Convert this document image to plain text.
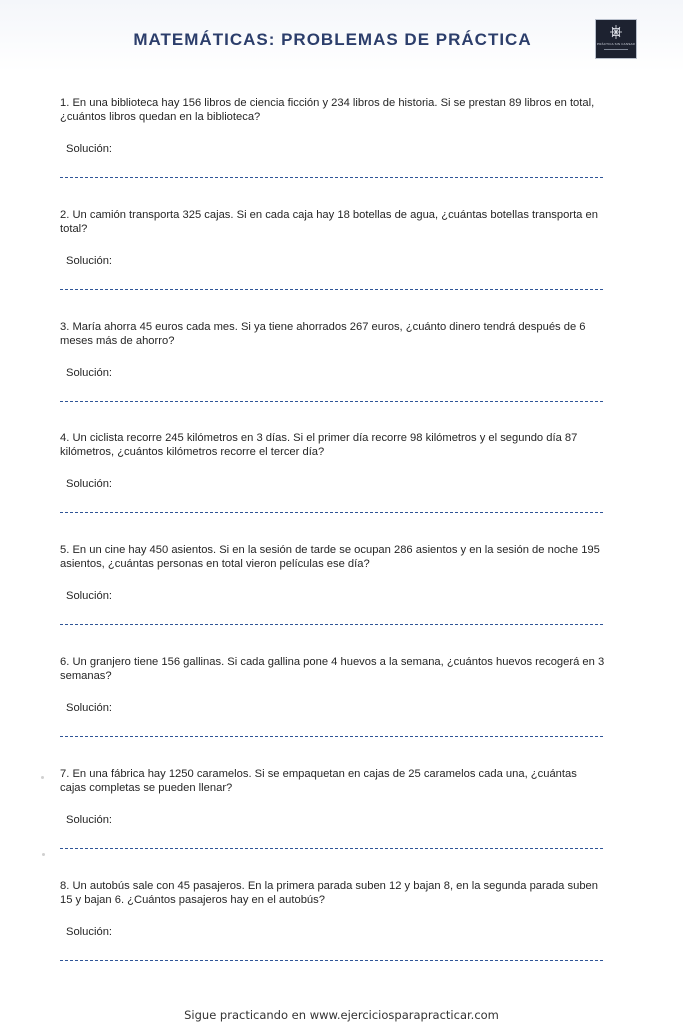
MATEMÁTICAS: PROBLEMAS DE PRÁCTICA	PRÁCTICA SIN CANSAR

1. En una biblioteca hay 156 libros de ciencia ficción y 234 libros de historia. Si se prestan 89 libros en total, ¿cuántos libros quedan en la biblioteca?

Solución:

2. Un camión transporta 325 cajas. Si en cada caja hay 18 botellas de agua, ¿cuántas botellas transporta en total?

Solución:

3. María ahorra 45 euros cada mes. Si ya tiene ahorrados 267 euros, ¿cuánto dinero tendrá después de 6 meses más de ahorro?

Solución:

4. Un ciclista recorre 245 kilómetros en 3 días. Si el primer día recorre 98 kilómetros y el segundo día 87 kilómetros, ¿cuántos kilómetros recorre el tercer día?

Solución:

5. En un cine hay 450 asientos. Si en la sesión de tarde se ocupan 286 asientos y en la sesión de noche 195 asientos, ¿cuántas personas en total vieron películas ese día?

Solución:

6. Un granjero tiene 156 gallinas. Si cada gallina pone 4 huevos a la semana, ¿cuántos huevos recogerá en 3 semanas?

Solución:

7. En una fábrica hay 1250 caramelos. Si se empaquetan en cajas de 25 caramelos cada una, ¿cuántas cajas completas se pueden llenar?

Solución:

8. Un autobús sale con 45 pasajeros. En la primera parada suben 12 y bajan 8, en la segunda parada suben 15 y bajan 6. ¿Cuántos pasajeros hay en el autobús?

Solución:
Sigue practicando en www.ejerciciosparapracticar.com
